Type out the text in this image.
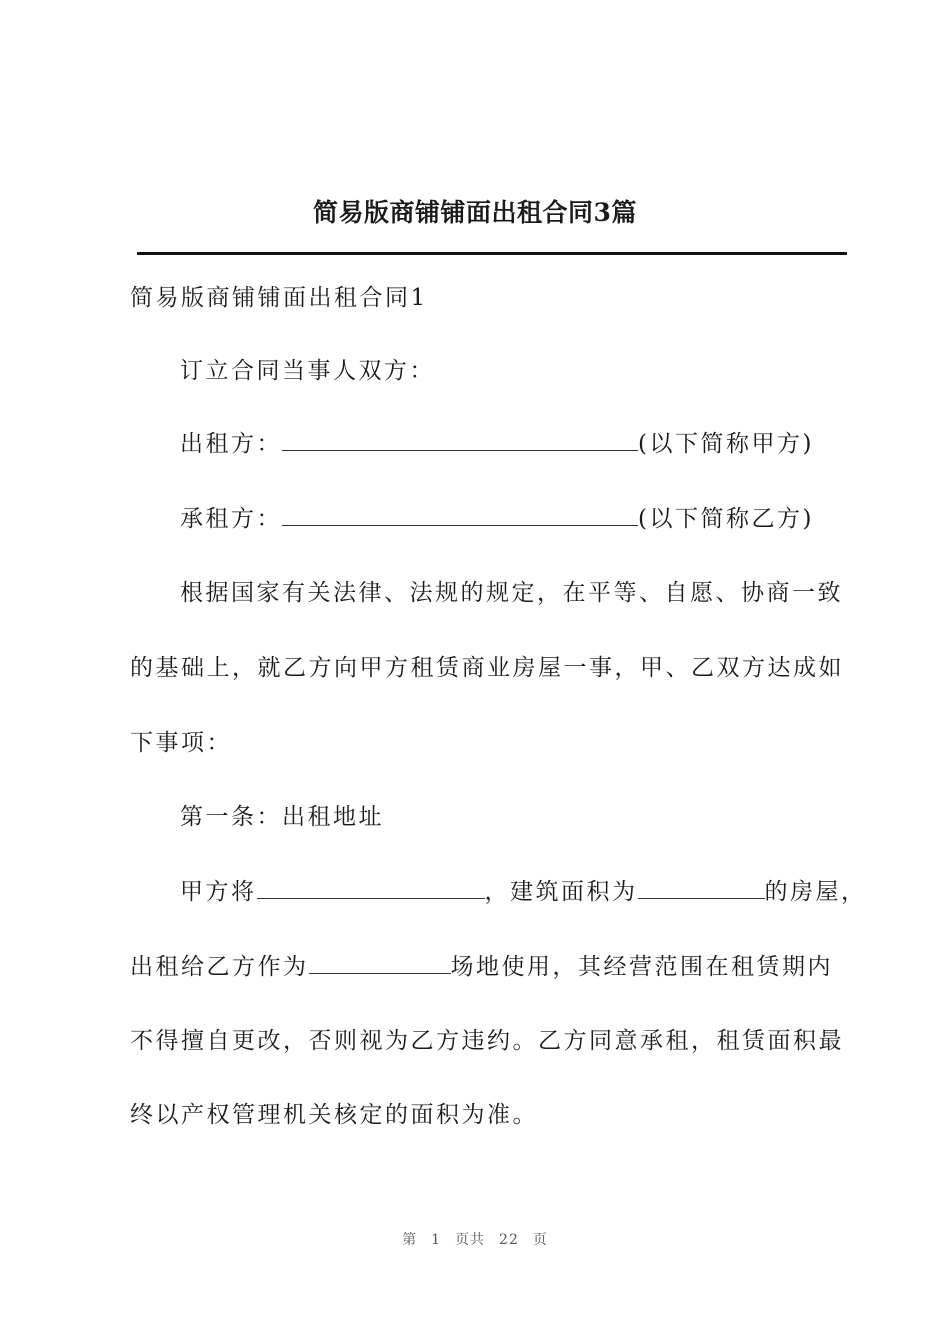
简易版商铺铺面出租合同3篇
简易版商铺铺面出租合同1
订立合同当事人双方：
出租方：	(以下简称甲方)
承租方：	(以下简称乙方)
根据国家有关法律、法规的规定，在平等、自愿、协商一致
的基础上，就乙方向甲方租赁商业房屋一事，甲、乙双方达成如
下事项：
第一条：出租地址
甲方将	，建筑面积为	的房屋，
出租给乙方作为	场地使用，其经营范围在租赁期内
不得擅自更改，否则视为乙方违约。乙方同意承租，租赁面积最
终以产权管理机关核定的面积为准。
第 1 页共 22 页
